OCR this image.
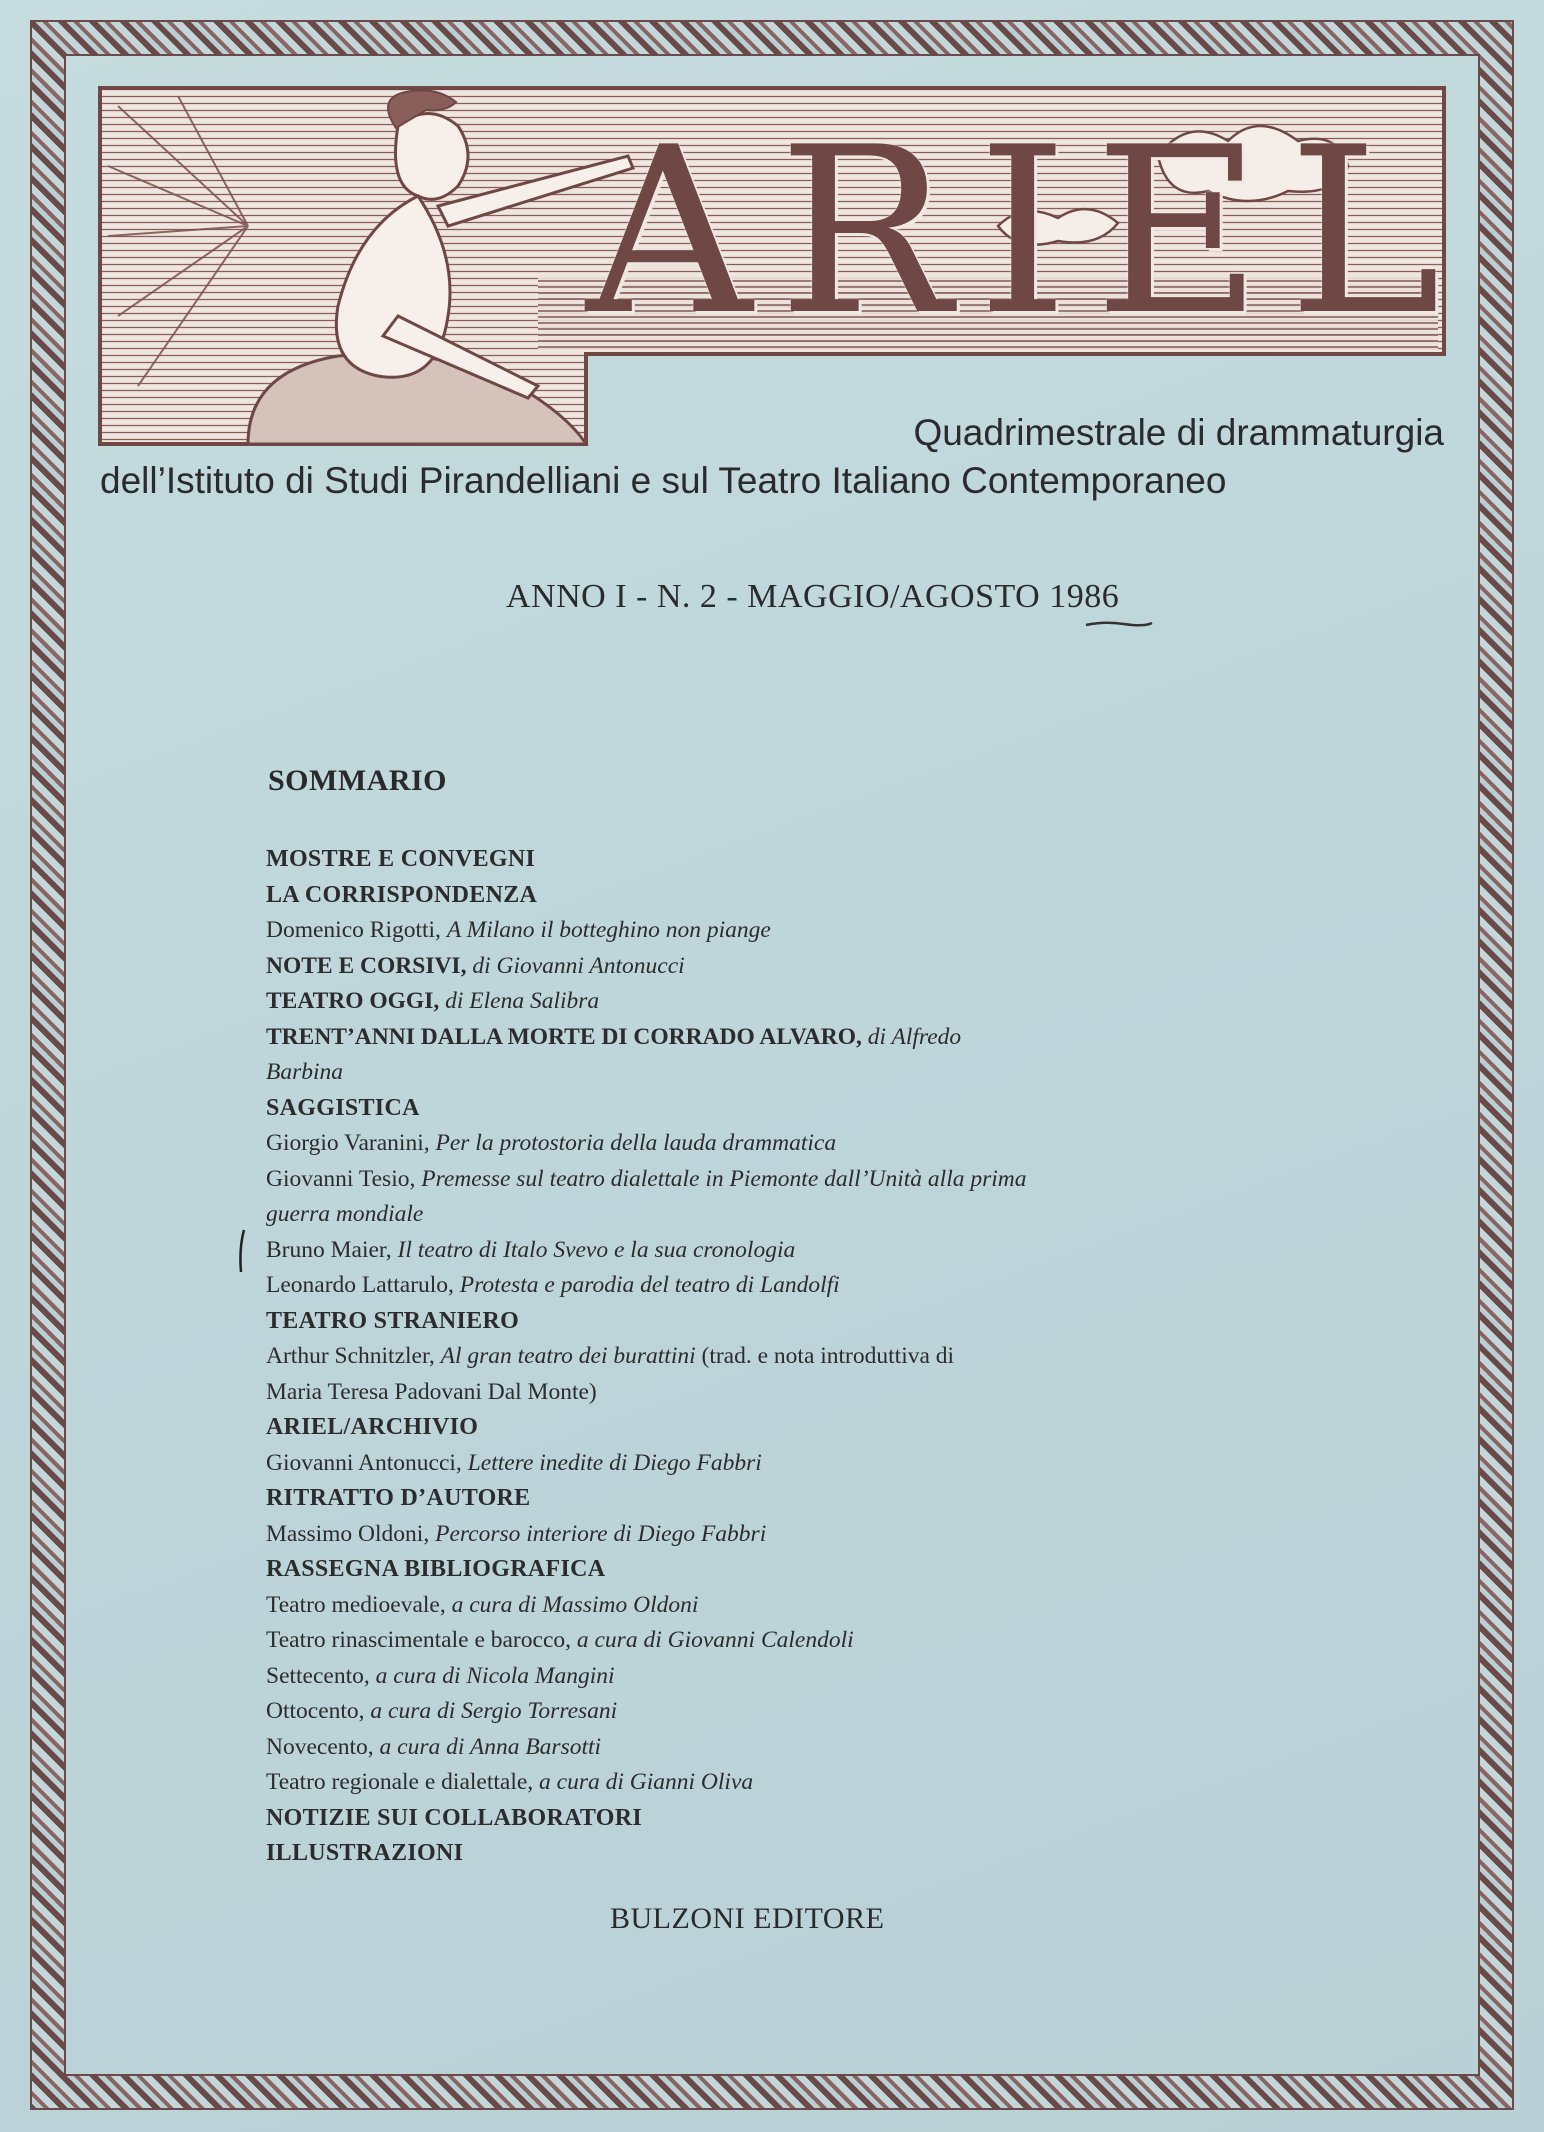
ARIEL
Quadrimestrale di drammaturgia
dell’Istituto di Studi Pirandelliani e sul Teatro Italiano Contemporaneo
ANNO I - N. 2 - MAGGIO/AGOSTO 1986
SOMMARIO
MOSTRE E CONVEGNI
LA CORRISPONDENZA
Domenico Rigotti, A Milano il botteghino non piange
NOTE E CORSIVI, di Giovanni Antonucci
TEATRO OGGI, di Elena Salibra
TRENT’ANNI DALLA MORTE DI CORRADO ALVARO, di Alfredo
Barbina
SAGGISTICA
Giorgio Varanini, Per la protostoria della lauda drammatica
Giovanni Tesio, Premesse sul teatro dialettale in Piemonte dall’Unità alla prima
guerra mondiale
Bruno Maier, Il teatro di Italo Svevo e la sua cronologia
Leonardo Lattarulo, Protesta e parodia del teatro di Landolfi
TEATRO STRANIERO
Arthur Schnitzler, Al gran teatro dei burattini (trad. e nota introduttiva di
Maria Teresa Padovani Dal Monte)
ARIEL/ARCHIVIO
Giovanni Antonucci, Lettere inedite di Diego Fabbri
RITRATTO D’AUTORE
Massimo Oldoni, Percorso interiore di Diego Fabbri
RASSEGNA BIBLIOGRAFICA
Teatro medioevale, a cura di Massimo Oldoni
Teatro rinascimentale e barocco, a cura di Giovanni Calendoli
Settecento, a cura di Nicola Mangini
Ottocento, a cura di Sergio Torresani
Novecento, a cura di Anna Barsotti
Teatro regionale e dialettale, a cura di Gianni Oliva
NOTIZIE SUI COLLABORATORI
ILLUSTRAZIONI
BULZONI EDITORE
